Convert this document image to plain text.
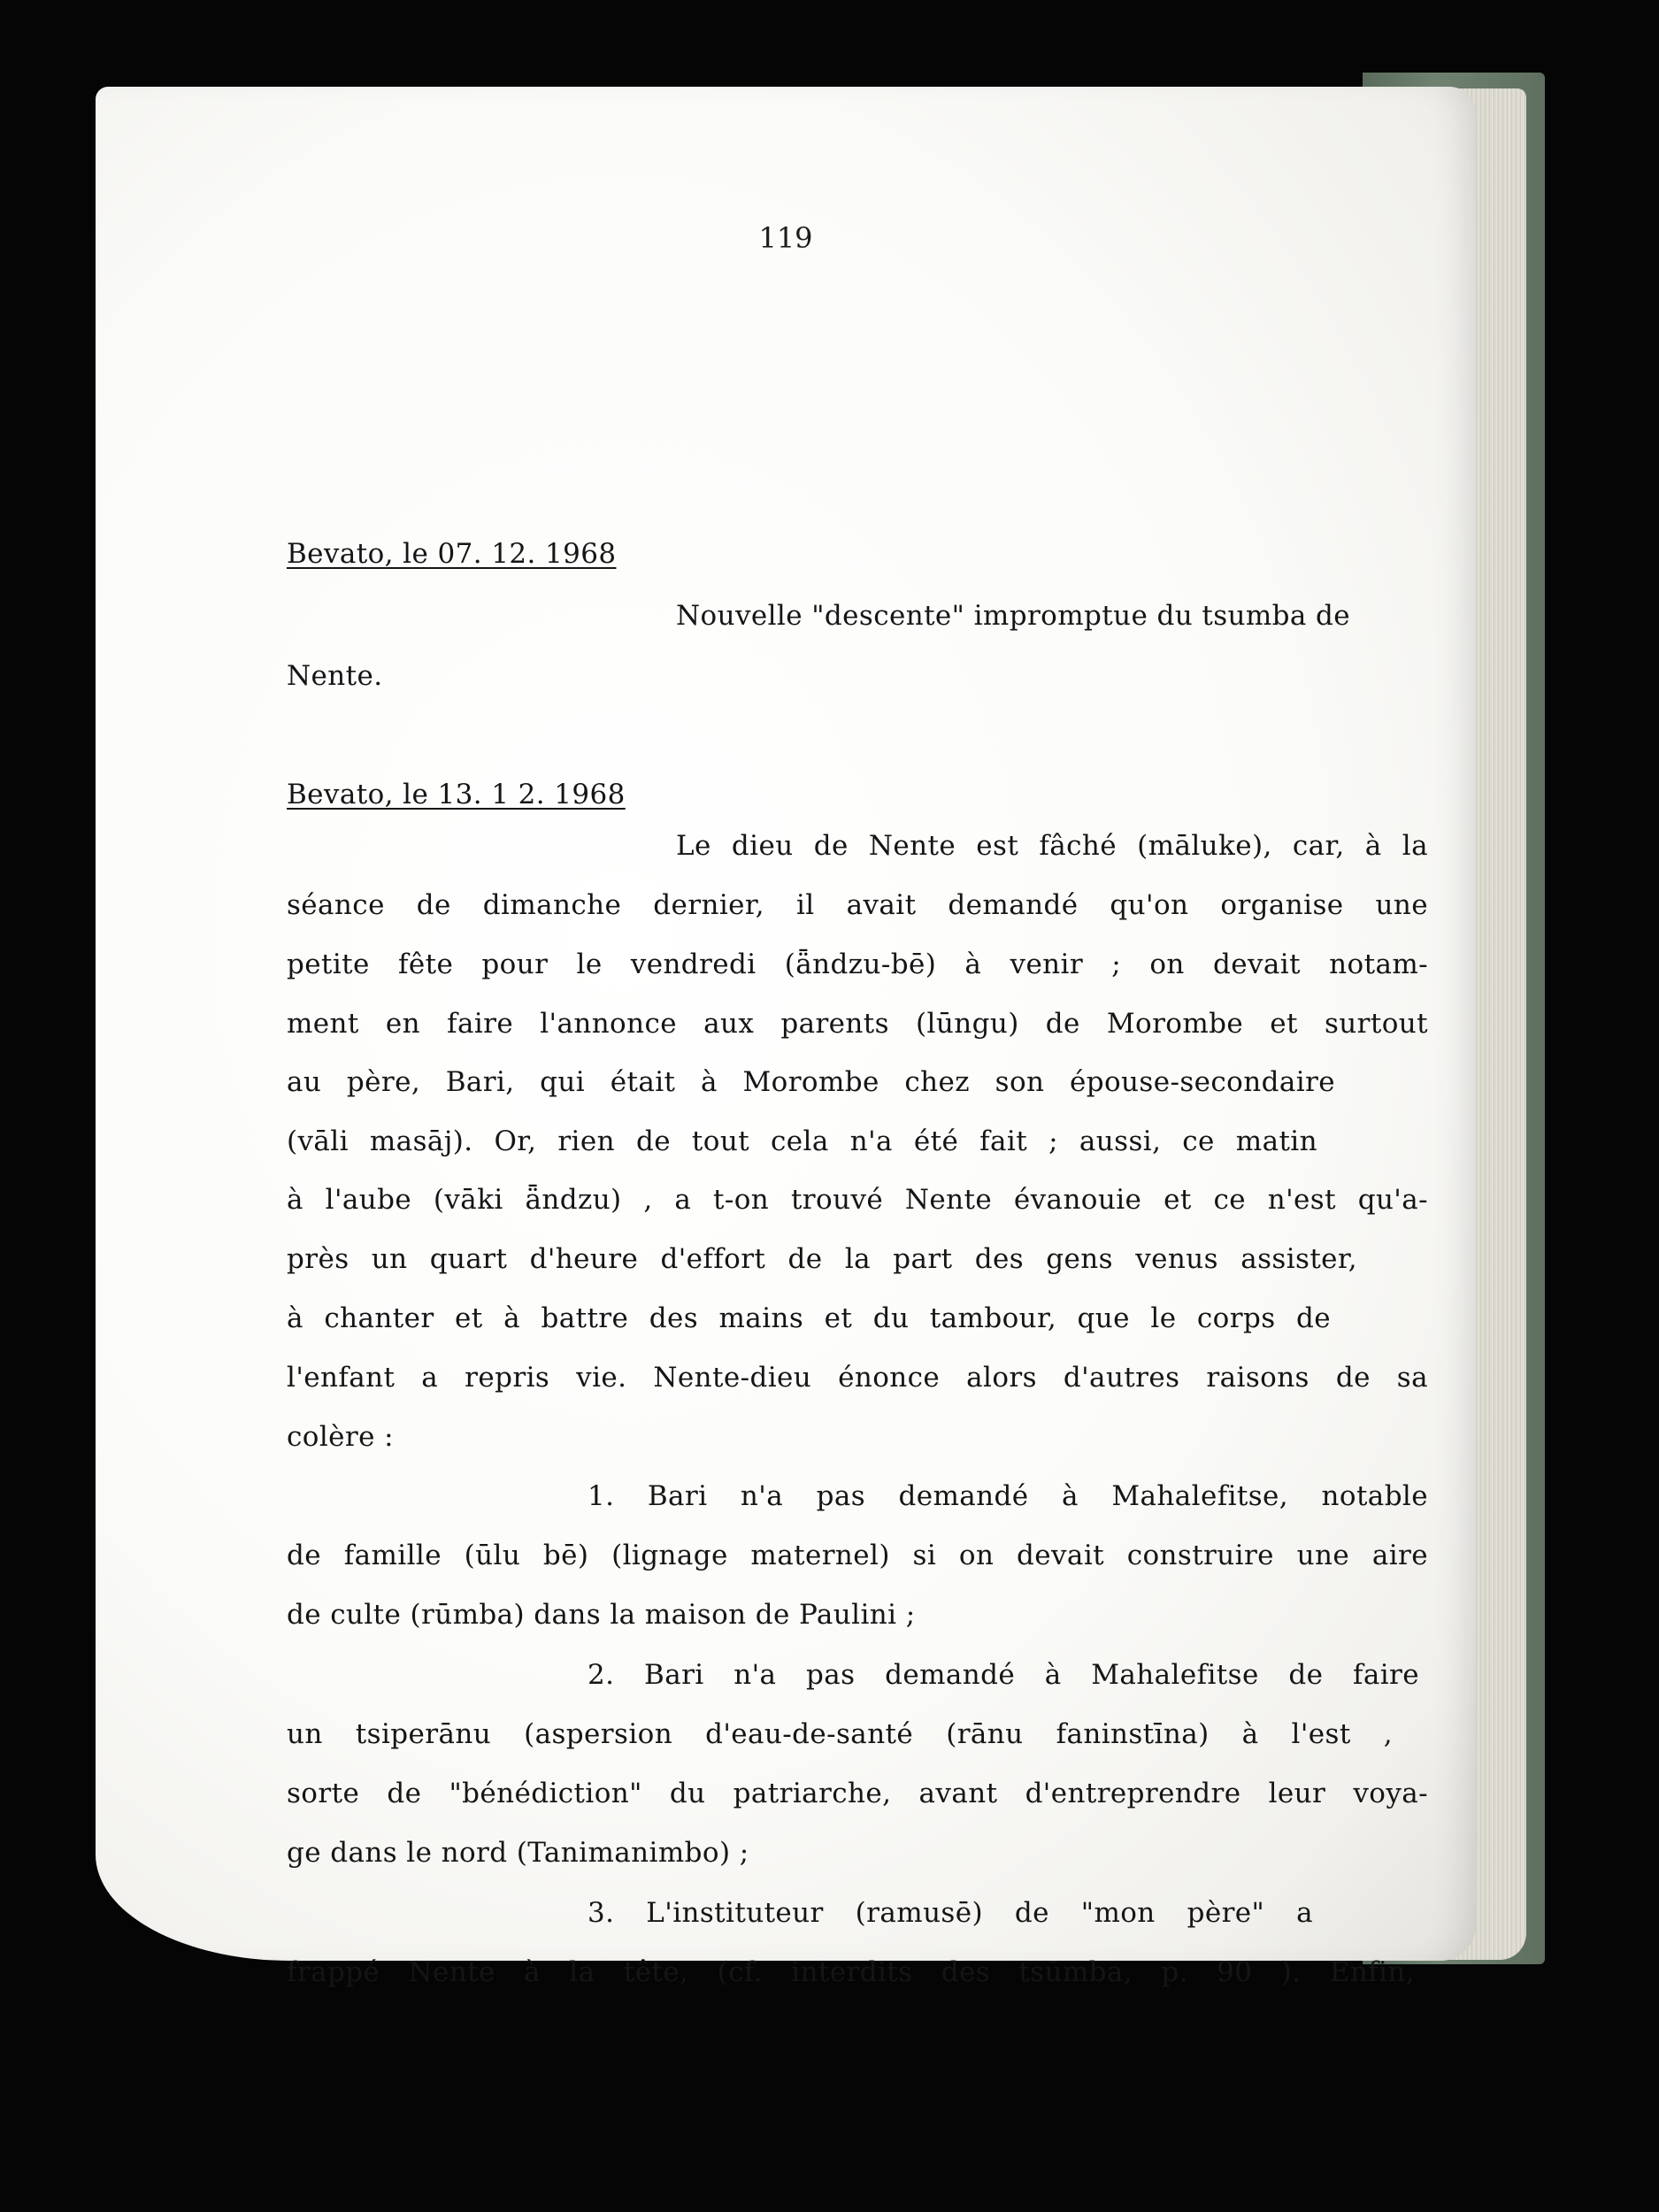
119
Bevato, le 07. 12. 1968
Nouvelle "descente" impromptue du tsumba de
Nente.
Bevato, le 13. 1 2. 1968
Le dieu de Nente est fâché (māluke), car, à la
séance de dimanche dernier, il avait demandé qu'on organise une
petite fête pour le vendredi (ǟndzu-bē) à venir ; on devait notam-
ment en faire l'annonce aux parents (lūngu) de Morombe et surtout
au père, Bari, qui était à Morombe chez son épouse-secondaire
(vāli masāj). Or, rien de tout cela n'a été fait ; aussi, ce matin
à l'aube (vāki ǟndzu) , a t-on trouvé Nente évanouie et ce n'est qu'a-
près un quart d'heure d'effort de la part des gens venus assister,
à chanter et à battre des mains et du tambour, que le corps de
l'enfant a repris vie. Nente-dieu énonce alors d'autres raisons de sa
colère :
1. Bari n'a pas demandé à Mahalefitse, notable
de famille (ūlu bē) (lignage maternel) si on devait construire une aire
de culte (rūmba) dans la maison de Paulini ;
2. Bari n'a pas demandé à Mahalefitse de faire
un tsiperānu (aspersion d'eau-de-santé (rānu faninstīna) à l'est ,
sorte de "bénédiction" du patriarche, avant d'entreprendre leur voya-
ge dans le nord (Tanimanimbo) ;
3. L'instituteur (ramusē) de "mon père" a
frappé Nente à la tête, (cf. interdits des tsūmba, p. 90 ). Enfin,
